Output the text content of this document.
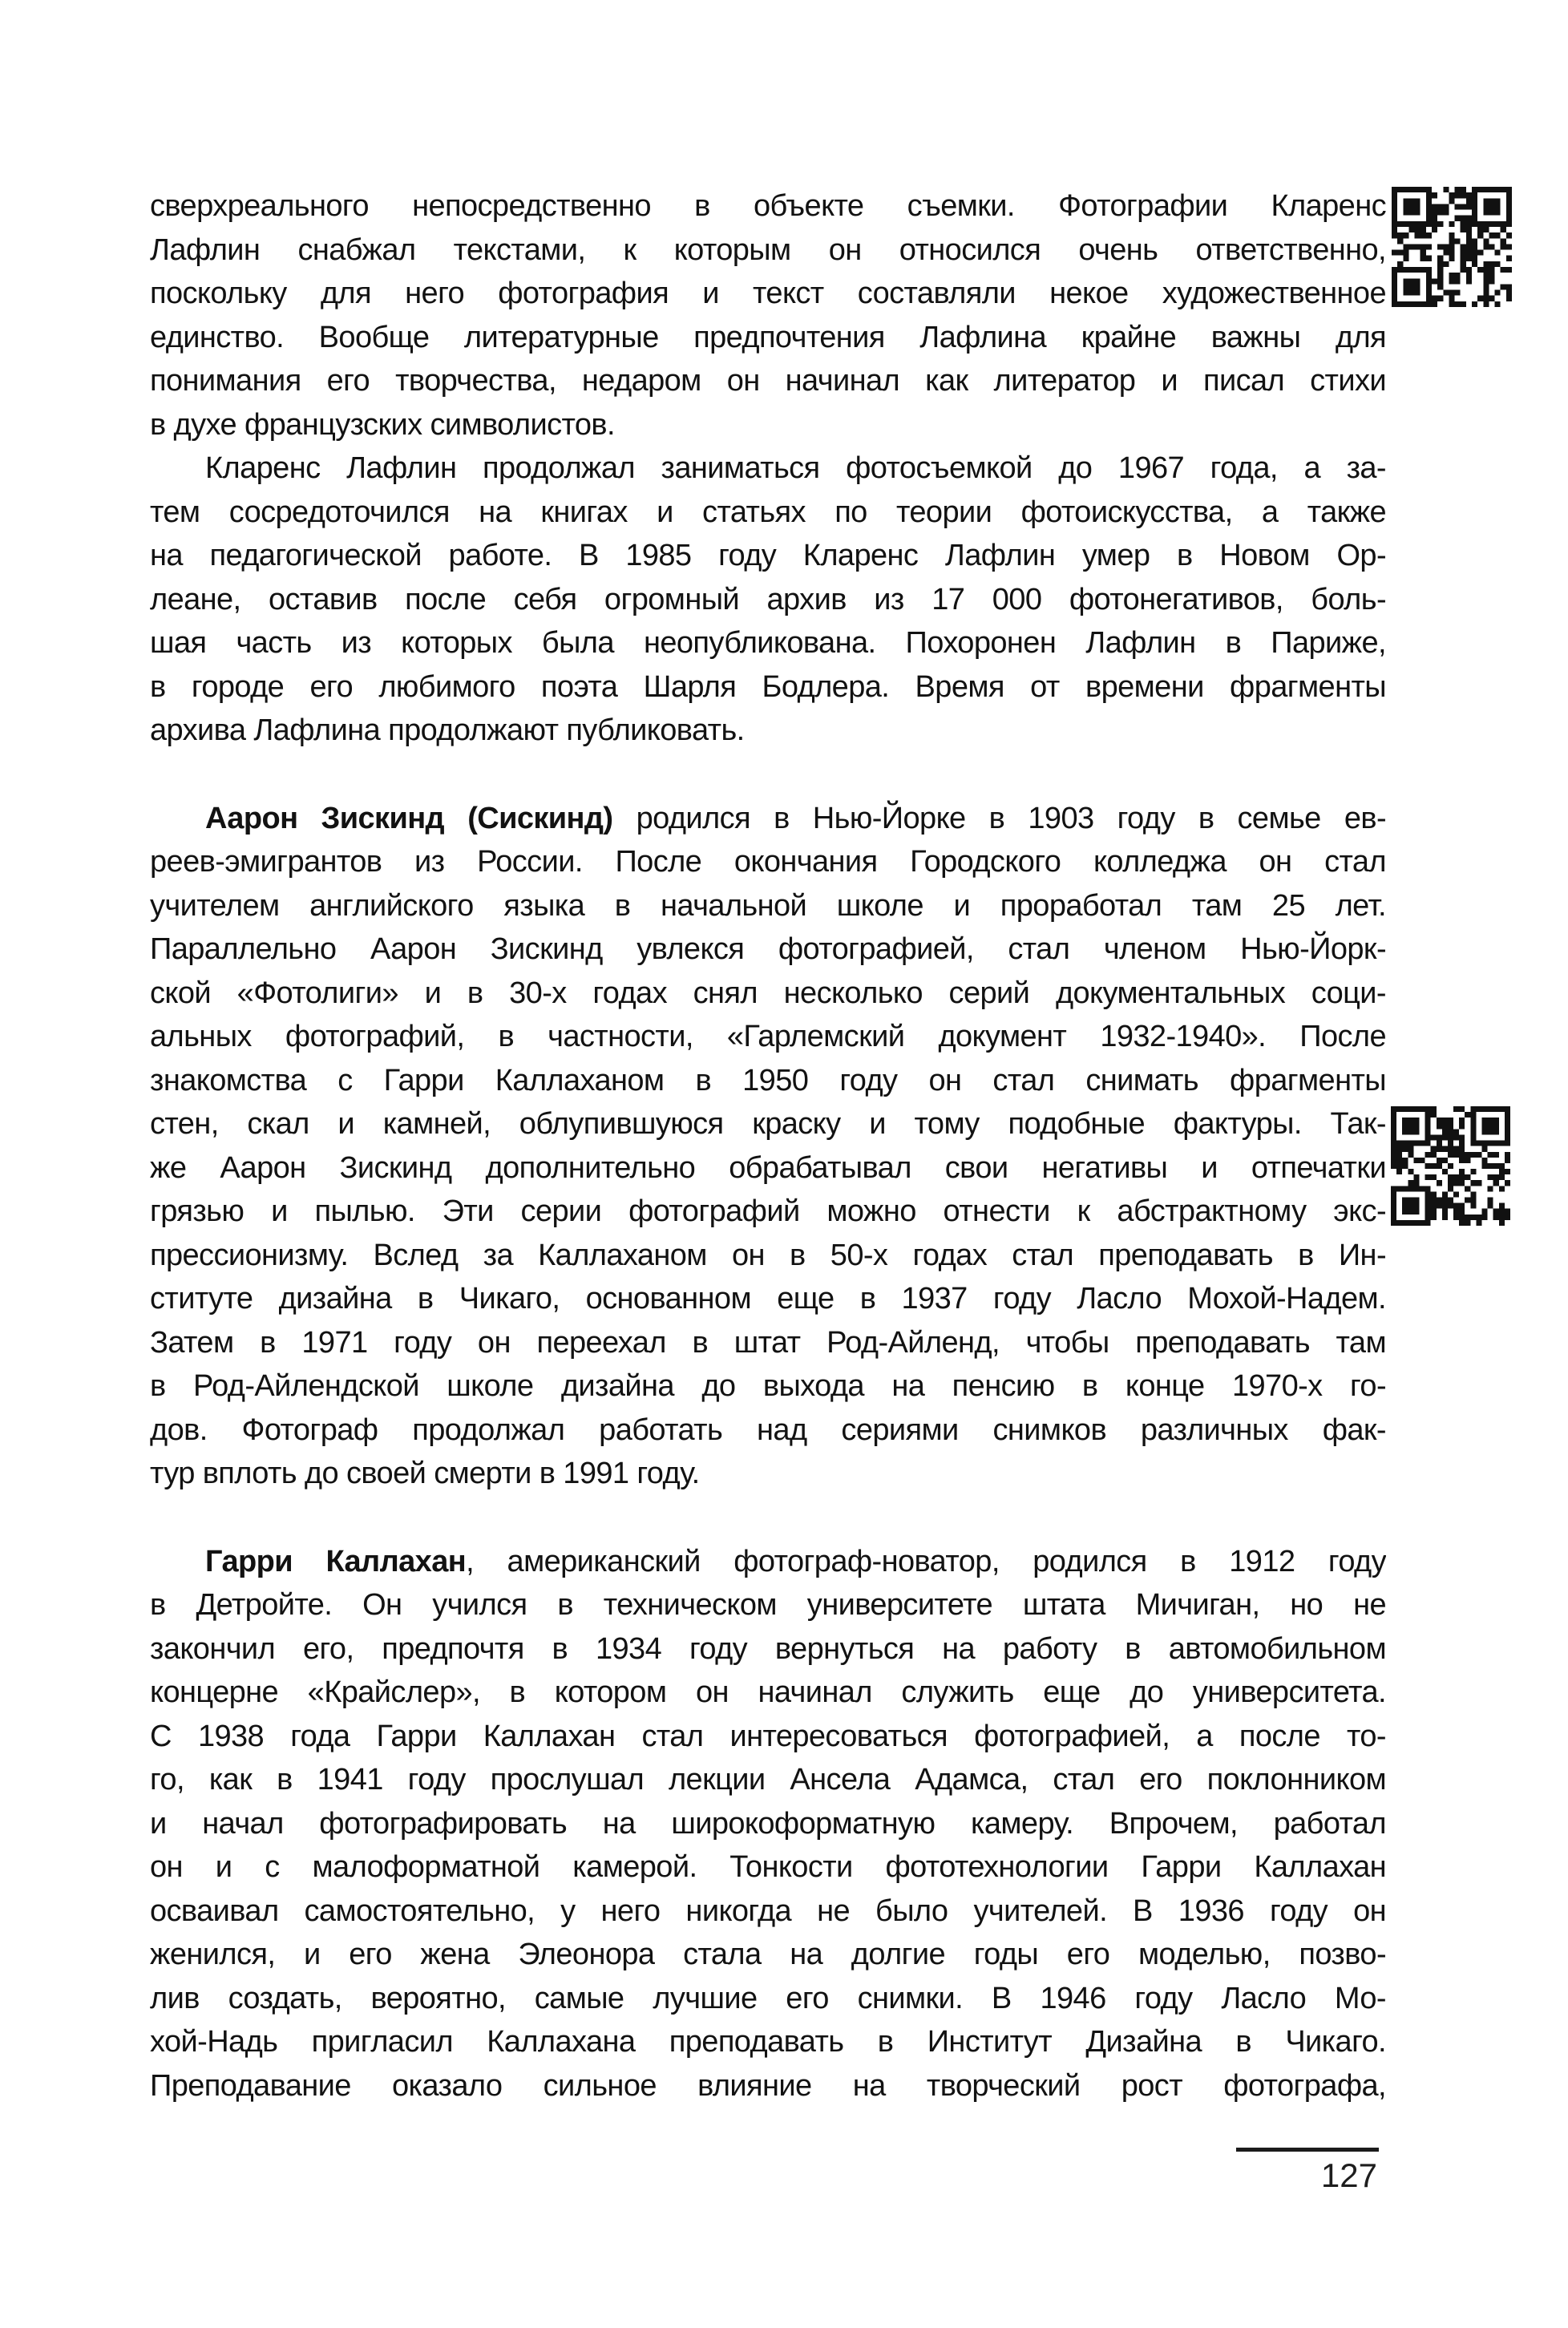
сверхреального непосредственно в объекте съемки. Фотографии Кларенс
Лафлин снабжал текстами, к которым он относился очень ответственно,
поскольку для него фотография и текст составляли некое художественное
единство. Вообще литературные предпочтения Лафлина крайне важны для
понимания его творчества, недаром он начинал как литератор и писал стихи
в духе французских символистов.
Кларенс Лафлин продолжал заниматься фотосъемкой до 1967 года, а за-
тем сосредоточился на книгах и статьях по теории фотоискусства, а также
на педагогической работе. В 1985 году Кларенс Лафлин умер в Новом Ор-
леане, оставив после себя огромный архив из 17 000 фотонегативов, боль-
шая часть из которых была неопубликована. Похоронен Лафлин в Париже,
в городе его любимого поэта Шарля Бодлера. Время от времени фрагменты
архива Лафлина продолжают публиковать.
Аарон Зискинд (Сискинд) родился в Нью-Йорке в 1903 году в семье ев-
реев-эмигрантов из России. После окончания Городского колледжа он стал
учителем английского языка в начальной школе и проработал там 25 лет.
Параллельно Аарон Зискинд увлекся фотографией, стал членом Нью-Йорк-
ской «Фотолиги» и в 30-х годах снял несколько серий документальных соци-
альных фотографий, в частности, «Гарлемский документ 1932-1940». После
знакомства с Гарри Каллаханом в 1950 году он стал снимать фрагменты
стен, скал и камней, облупившуюся краску и тому подобные фактуры. Так-
же Аарон Зискинд дополнительно обрабатывал свои негативы и отпечатки
грязью и пылью. Эти серии фотографий можно отнести к абстрактному экс-
прессионизму. Вслед за Каллаханом он в 50-х годах стал преподавать в Ин-
ституте дизайна в Чикаго, основанном еще в 1937 году Ласло Мохой-Надем.
Затем в 1971 году он переехал в штат Род-Айленд, чтобы преподавать там
в Род-Айлендской школе дизайна до выхода на пенсию в конце 1970-х го-
дов. Фотограф продолжал работать над сериями снимков различных фак-
тур вплоть до своей смерти в 1991 году.
Гарри Каллахан, американский фотограф-новатор, родился в 1912 году
в Детройте. Он учился в техническом университете штата Мичиган, но не
закончил его, предпочтя в 1934 году вернуться на работу в автомобильном
концерне «Крайслер», в котором он начинал служить еще до университета.
С 1938 года Гарри Каллахан стал интересоваться фотографией, а после то-
го, как в 1941 году прослушал лекции Ансела Адамса, стал его поклонником
и начал фотографировать на широкоформатную камеру. Впрочем, работал
он и с малоформатной камерой. Тонкости фототехнологии Гарри Каллахан
осваивал самостоятельно, у него никогда не было учителей. В 1936 году он
женился, и его жена Элеонора стала на долгие годы его моделью, позво-
лив создать, вероятно, самые лучшие его снимки. В 1946 году Ласло Мо-
хой-Надь пригласил Каллахана преподавать в Институт Дизайна в Чикаго.
Преподавание оказало сильное влияние на творческий рост фотографа,
127
